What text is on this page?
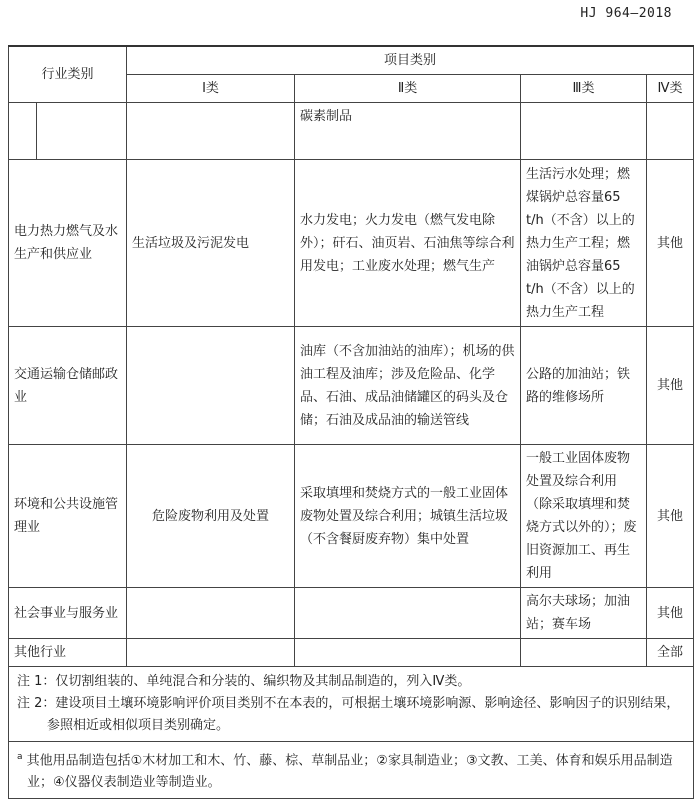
HJ 964—2018
行业类别		项目类别			
		Ⅰ类	Ⅱ类	Ⅲ类	Ⅳ类
			碳素制品		
电力热力燃气及水生产和供应业		生活垃圾及污泥发电	水力发电；火力发电（燃气发电除外）；矸石、油页岩、石油焦等综合利用发电；工业废水处理；燃气生产	生活污水处理；燃煤锅炉总容量65 t/h（不含）以上的热力生产工程；燃油锅炉总容量65 t/h（不含）以上的热力生产工程	其他
交通运输仓储邮政业			油库（不含加油站的油库）；机场的供油工程及油库；涉及危险品、化学品、石油、成品油储罐区的码头及仓储；石油及成品油的输送管线	公路的加油站；铁路的维修场所	其他
环境和公共设施管理业		危险废物利用及处置	采取填埋和焚烧方式的一般工业固体废物处置及综合利用；城镇生活垃圾（不含餐厨废弃物）集中处置	一般工业固体废物处置及综合利用（除采取填埋和焚烧方式以外的）；废旧资源加工、再生利用	其他
社会事业与服务业				高尔夫球场；加油站；赛车场	其他
其他行业					全部

注 1：仅切割组装的、单纯混合和分装的、编织物及其制品制造的，列入Ⅳ类。
注 2：建设项目土壤环境影响评价项目类别不在本表的，可根据土壤环境影响源、影响途径、影响因子的识别结果，参照相近或相似项目类别确定。					

$^a$ 其他用品制造包括①木材加工和木、竹、藤、棕、草制品业；②家具制造业；③文教、工美、体育和娱乐用品制造业；④仪器仪表制造业等制造业。					
